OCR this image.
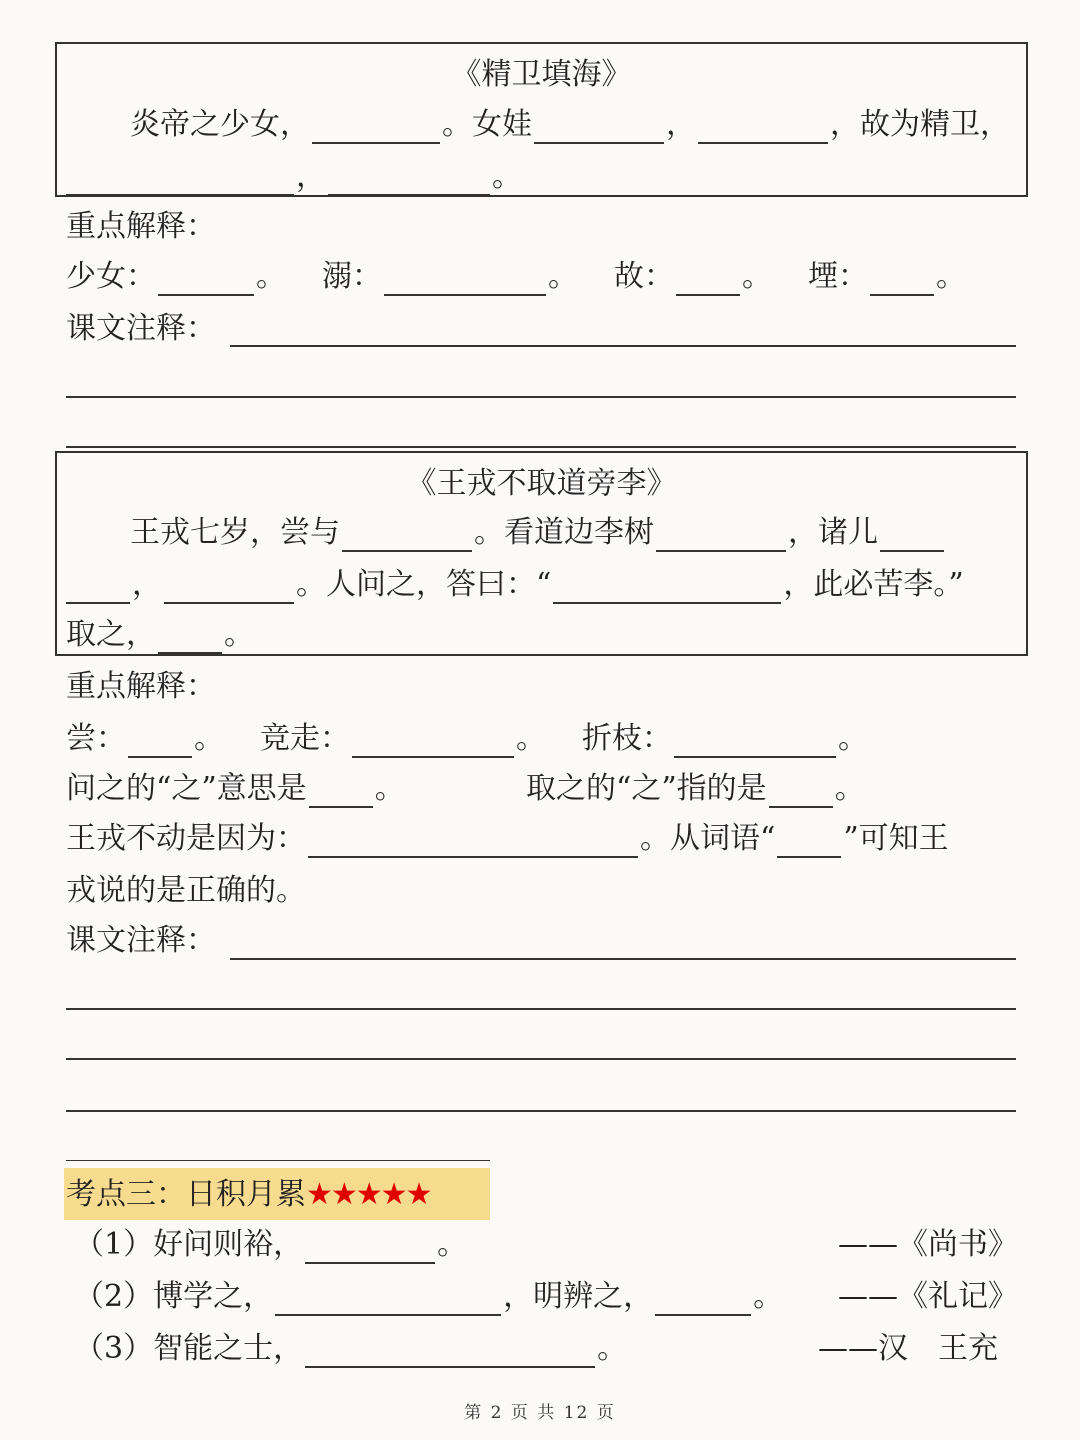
《精卫填海》
炎帝之少女，	。女娃	，	，故为精卫，
，	。
重点解释：
少女：	。 溺：	。 故： 。 堙： 。
课文注释：
《王戎不取道旁李》
王戎七岁，尝与	。看道边李树	，诸儿
，	。人问之，答曰：“	，此必苦李。”
取之， 。
重点解释：
尝： 。 竞走：	。 折枝：	。
问之的“之”意思是 。	取之的“之”指的是 。
王戎不动是因为：	。从词语“ ”可知王
戎说的是正确的。
课文注释：
考点三：日积月累★★★★★
（1）好问则裕，	。	——《尚书》
（2）博学之，	，明辨之，	。 ——《礼记》
（3）智能之士，	。	——汉　王充
第 2 页 共 12 页
